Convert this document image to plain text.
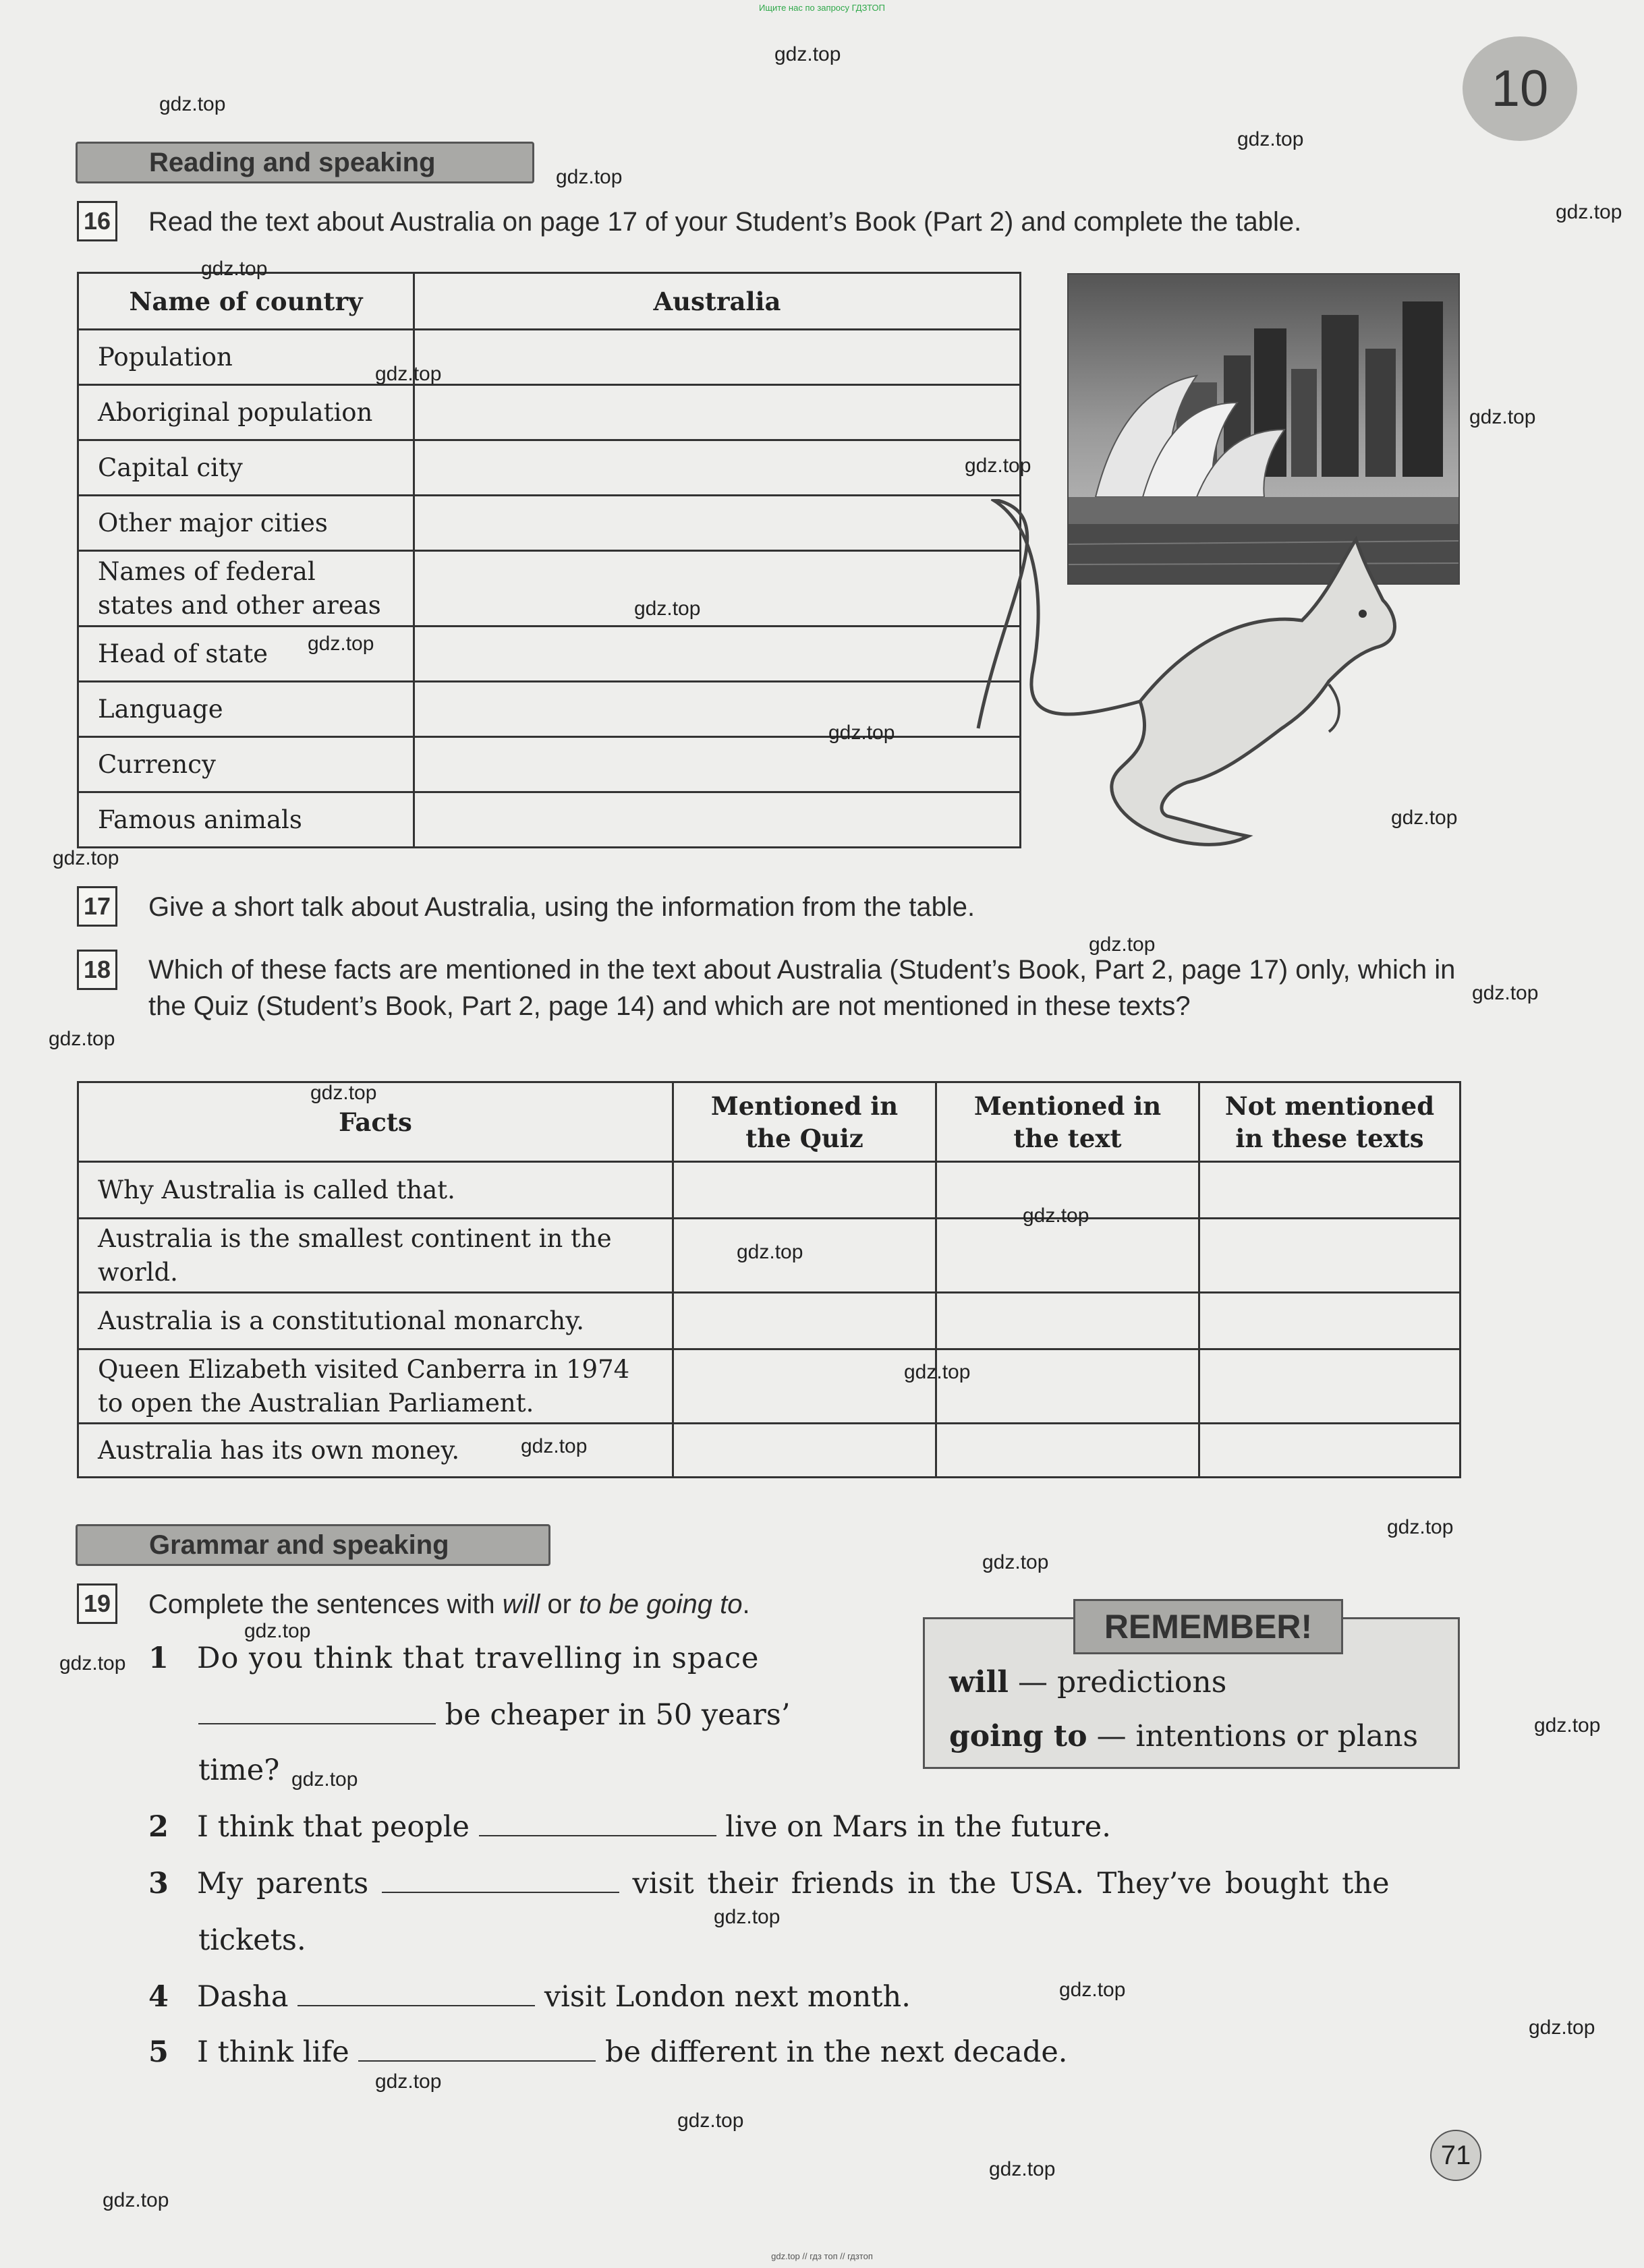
Ищите нас по запросу ГДЗТОП
10
Reading and speaking
16 Read the text about Australia on page 17 of your Student’s Book (Part 2) and complete the table.
Name of country	Australia
Population	
Aboriginal population	
Capital city	
Other major cities	
Names of federal states and other areas	
Head of state	
Language	
Currency	
Famous animals	
17 Give a short talk about Australia, using the information from the table.
18 Which of these facts are mentioned in the text about Australia (Student’s Book, Part 2, page 17) only, which in the Quiz (Student’s Book, Part 2, page 14) and which are not mentioned in these texts?
Facts	Mentioned in the Quiz	Mentioned in the text	Not mentioned in these texts
Why Australia is called that.			
Australia is the smallest continent in the world.			
Australia is a constitutional monarchy.			
Queen Elizabeth visited Canberra in 1974 to open the Australian Parliament.			
Australia has its own money.			
Grammar and speaking
19 Complete the sentences with will or to be going to.
1 Do you think that travelling in space
be cheaper in 50 years’
time?
2 I think that people	live on Mars in the future.
3 My parents	visit their friends in the USA. They’ve bought the
tickets.
4 Dasha	visit London next month.
5 I think life	be different in the next decade.
REMEMBER!
will — predictions
going to — intentions or plans
71
gdz.top
gdz.top
gdz.top
gdz.top
gdz.top
gdz.top
gdz.top
gdz.top
gdz.top
gdz.top
gdz.top
gdz.top
gdz.top
gdz.top
gdz.top
gdz.top
gdz.top
gdz.top
gdz.top
gdz.top
gdz.top
gdz.top
gdz.top
gdz.top
gdz.top
gdz.top
gdz.top
gdz.top
gdz.top
gdz.top
gdz.top
gdz.top
gdz.top
gdz.top
gdz.top
gdz.top // гдз топ // гдзтоп
